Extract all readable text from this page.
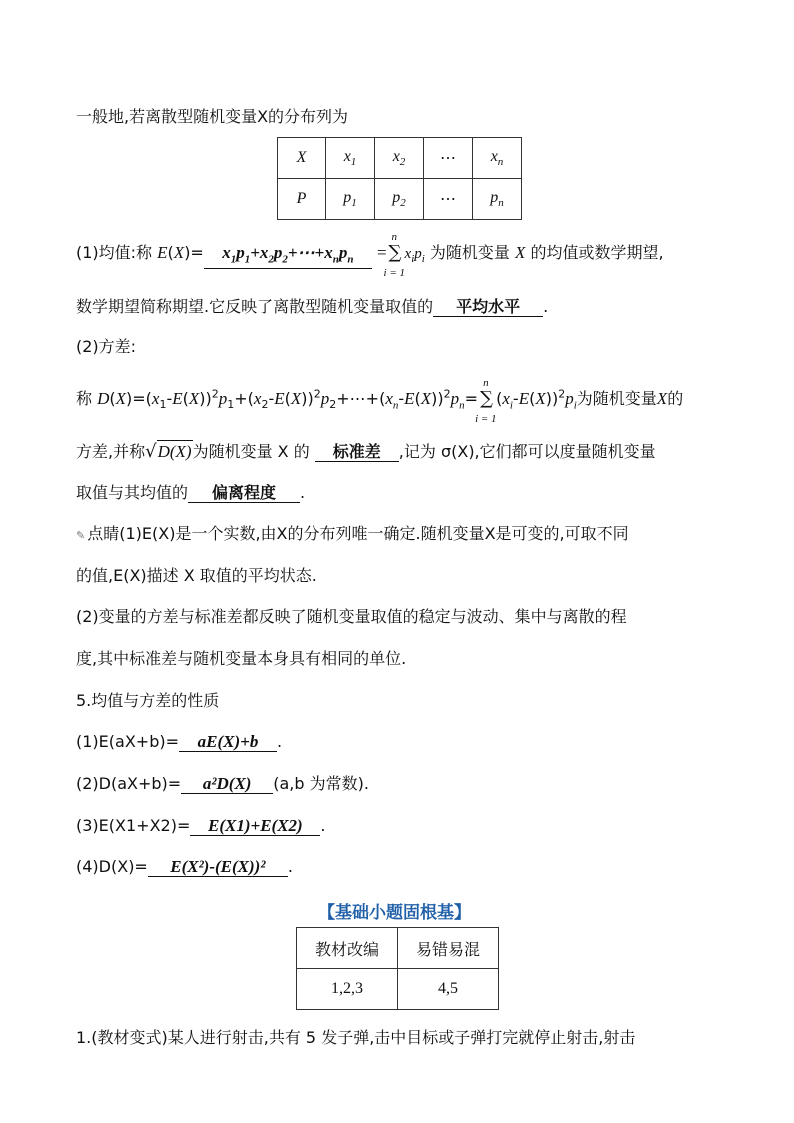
一般地,若离散型随机变量X的分布列为
X	$x_1$	$x_2$	⋯	$x_n$
P	$p_1$	$p_2$	⋯	$p_n$
(1)均值:称 $E(X)= x_1p_1+x_2p_2+\cdots+x_np_n$ =
n
∑
i = 1
$x_ip_i$ 为随机变量 X 的均值或数学期望,
数学期望简称期望.它反映了离散型随机变量取值的 平均水平 .
(2)方差:
称 $D(X)=(x_1-E(X))^2p_1+(x_2-E(X))^2p_2+\cdots+(x_n-E(X))^2p_n=$
n
∑
i = 1
$(x_i-E(X))^2p_i$为随机变量X的
方差,并称√D(X)为随机变量 X 的 标准差 ,记为 σ(X),它们都可以度量随机变量
取值与其均值的 偏离程度 .
✎ 点睛(1)E(X)是一个实数,由X的分布列唯一确定.随机变量X是可变的,可取不同
的值,E(X)描述 X 取值的平均状态.
(2)变量的方差与标准差都反映了随机变量取值的稳定与波动、集中与离散的程
度,其中标准差与随机变量本身具有相同的单位.
5.均值与方差的性质
(1)E(aX+b)= aE(X)+b .
(2)D(aX+b)= a²D(X) (a,b 为常数).
(3)E(X1+X2)= E(X1)+E(X2) .
(4)D(X)= E(X²)-(E(X))² .
【基础小题固根基】
教材改编	易错易混
1,2,3	4,5
1.(教材变式)某人进行射击,共有 5 发子弹,击中目标或子弹打完就停止射击,射击
